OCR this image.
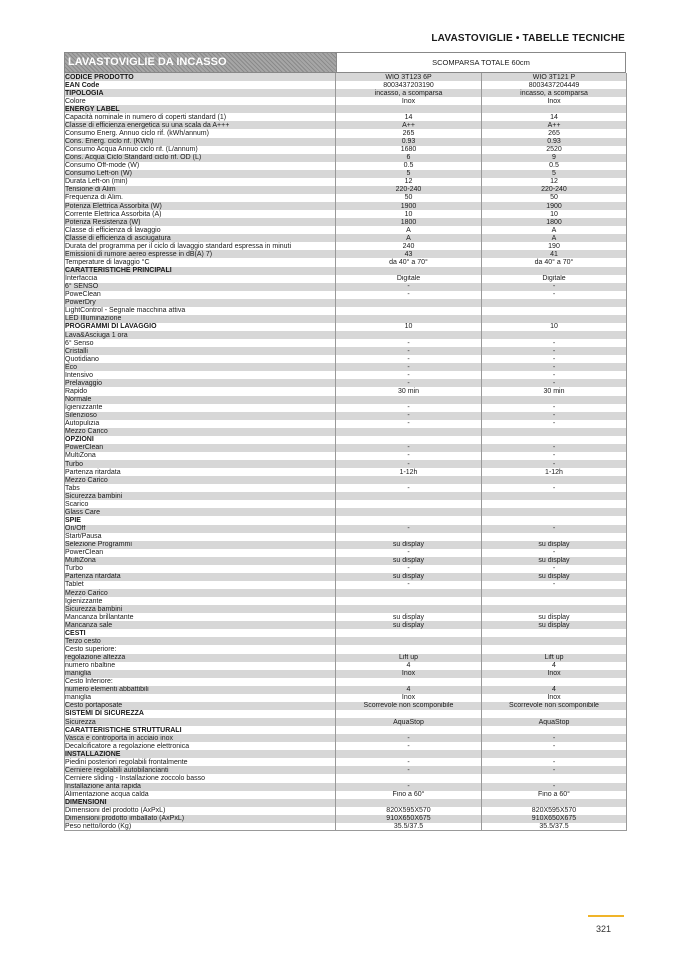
LAVASTOVIGLIE • TABELLE TECNICHE
LAVASTOVIGLIE DA INCASSO	SCOMPARSA TOTALE 60cm
CODICE PRODOTTO	WIO 3T123 6P	WIO 3T121 P
EAN Code	8003437203190	8003437204449
TIPOLOGIA	incasso, a scomparsa	incasso, a scomparsa
Colore	Inox	Inox
ENERGY LABEL		
Capacità nominale in numero di coperti standard (1)	14	14
Classe di efficienza energetica su una scala da A+++	A++	A++
Consumo Energ. Annuo ciclo rif. (kWh/annum)	265	265
Cons. Energ. ciclo rif. (KWh)	0.93	0.93
Consumo Acqua Annuo ciclo rif. (L/annum)	1680	2520
Cons. Acqua Ciclo Standard ciclo rif. OD (L)	6	9
Consumo Off-mode (W)	0.5	0.5
Consumo Left-on (W)	5	5
Durata Left-on (min)	12	12
Tensione di Alim	220-240	220-240
Frequenza di Alim.	50	50
Potenza Elettrica Assorbita (W)	1900	1900
Corrente Elettrica Assorbita (A)	10	10
Potenza Resistenza (W)	1800	1800
Classe di efficienza di lavaggio	A	A
Classe di efficienza di asciugatura	A	A
Durata del programma per il ciclo di lavaggio standard espressa in minuti	240	190
Emissioni di rumore aereo espresse in dB(A) 7)	43	41
Temperature di lavaggio °C	da 40° a 70°	da 40° a 70°
CARATTERISTICHE PRINCIPALI		
Interfaccia	Digitale	Digitale
6° SENSO	-	-
PoweClean	-	-
PowerDry		
LightControl - Segnale macchina attiva		
LED Illuminazione		
PROGRAMMI DI LAVAGGIO	10	10
Lava&Asciuga 1 ora		
6° Senso	-	-
Cristalli	-	-
Quotidiano	-	-
Eco	-	-
Intensivo	-	-
Prelavaggio	-	-
Rapido	30 min	30 min
Normale		
Igienizzante	-	-
Silenzioso	-	-
Autopulizia	-	-
Mezzo Carico		
OPZIONI		
PowerClean	-	-
MultiZona	-	-
Turbo	-	-
Partenza ritardata	1-12h	1-12h
Mezzo Carico		
Tabs	-	-
Sicurezza bambini		
Scarico		
Glass Care		
SPIE		
On/Off	-	-
Start/Pausa		
Selezione Programmi	su display	su display
PowerClean	-	-
MultiZona	su display	su display
Turbo	-	-
Partenza ritardata	su display	su display
Tablet	-	-
Mezzo Carico		
Igienizzante		
Sicurezza bambini		
Mancanza brillantante	su display	su display
Mancanza sale	su display	su display
CESTI		
Terzo cesto		
Cesto superiore:		
regolazione altezza	Lift up	Lift up
numero ribaltine	4	4
maniglia	Inox	Inox
Cesto Inferiore:		
numero elementi abbattibili	4	4
maniglia	Inox	Inox
Cesto portaposate	Scorrevole non scomponibile	Scorrevole non scomponibile
SISTEMI DI SICUREZZA		
Sicurezza	AquaStop	AquaStop
CARATTERISTICHE STRUTTURALI		
Vasca e controporta in acciaio inox	-	-
Decalcificatore a regolazione elettronica	-	-
INSTALLAZIONE		
Piedini posteriori regolabili frontalmente	-	-
Cerniere regolabili autobilancianti	-	-
Cerniere sliding - Installazione zoccolo basso		
Installazione anta rapida	-	-
Alimentazione acqua calda	Fino a 60°	Fino a 60°
DIMENSIONI		
Dimensioni del prodotto (AxPxL)	820X595X570	820X595X570
Dimensioni prodotto imballato (AxPxL)	910X650X675	910X650X675
Peso netto/lordo (Kg)	35.5/37.5	35.5/37.5
321
